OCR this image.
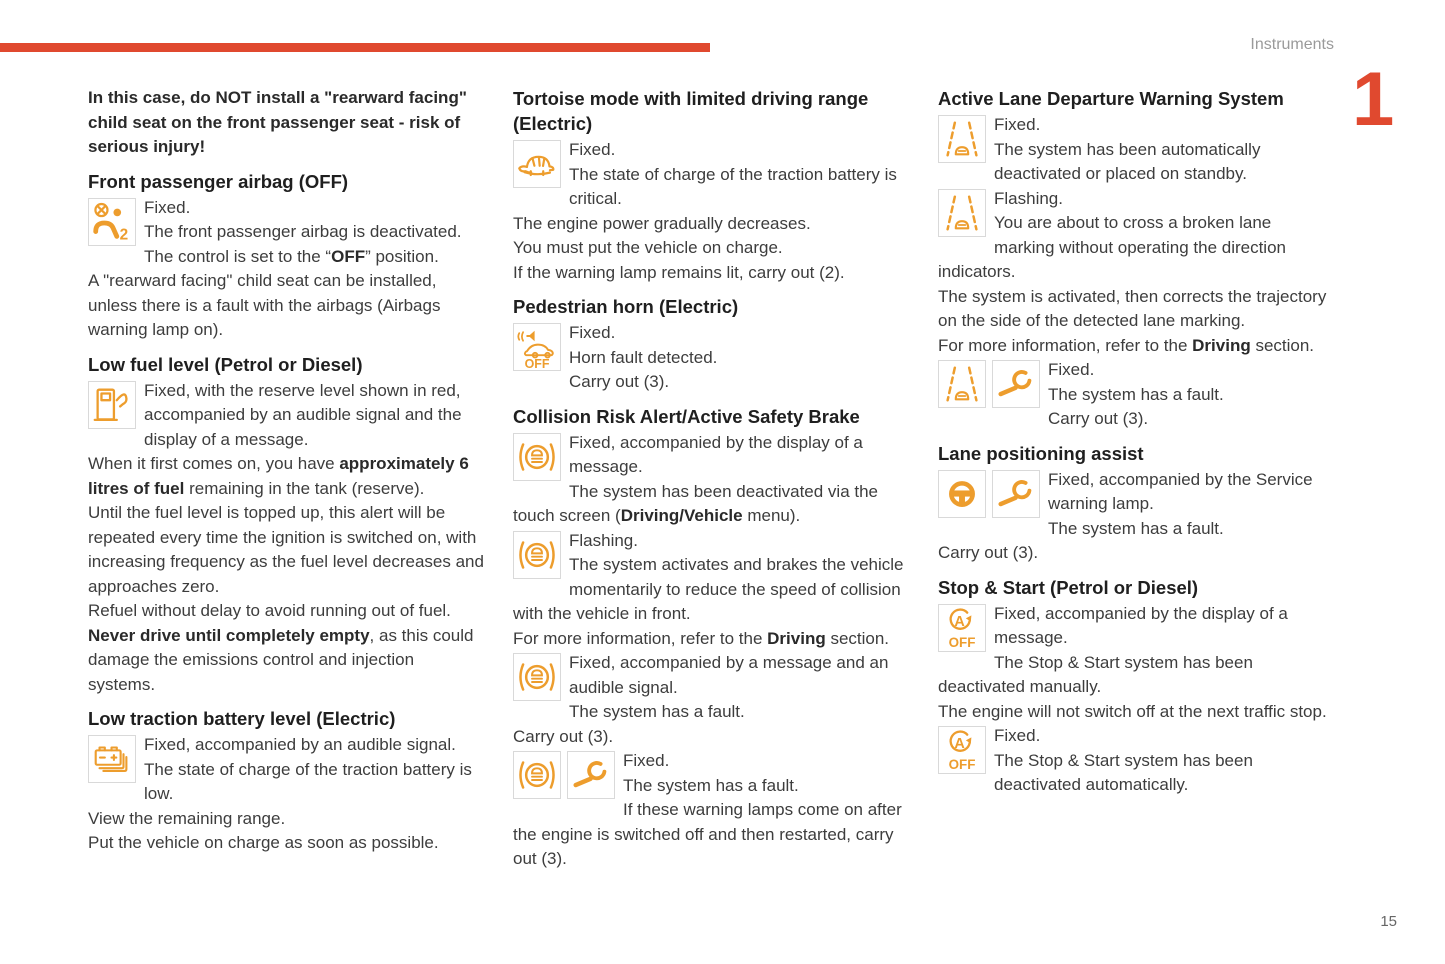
Instruments
1

In this case, do NOT install a "rearward facing" child seat on the front passenger seat - risk of serious injury!

Front passenger airbag (OFF)
2
Fixed.
The front passenger airbag is deactivated.

The control is set to the “OFF” position.

A "rearward facing" child seat can be installed, unless there is a fault with the airbags (Airbags warning lamp on).

Low fuel level (Petrol or Diesel)
Fixed, with the reserve level shown in red, accompanied by an audible signal and the display of a message.

When it first comes on, you have approximately 6 litres of fuel remaining in the tank (reserve).

Until the fuel level is topped up, this alert will be repeated every time the ignition is switched on, with increasing frequency as the fuel level decreases and approaches zero.

Refuel without delay to avoid running out of fuel.

Never drive until completely empty, as this could damage the emissions control and injection systems.

Low traction battery level (Electric)
Fixed, accompanied by an audible signal.
The state of charge of the traction battery is low.

View the remaining range.

Put the vehicle on charge as soon as possible.

Tortoise mode with limited driving range (Electric)
Fixed.
The state of charge of the traction battery is critical.

The engine power gradually decreases.

You must put the vehicle on charge.

If the warning lamp remains lit, carry out (2).

Pedestrian horn (Electric)
OFF
Fixed.
Horn fault detected.

Carry out (3).

Collision Risk Alert/Active Safety Brake
Fixed, accompanied by the display of a message.

The system has been deactivated via the touch screen (Driving/Vehicle menu).

Flashing.
The system activates and brakes the vehicle momentarily to reduce the speed of collision with the vehicle in front.

For more information, refer to the Driving section.

Fixed, accompanied by a message and an audible signal.

The system has a fault.

Carry out (3).

Fixed.
The system has a fault.

If these warning lamps come on after the engine is switched off and then restarted, carry out (3).

Active Lane Departure Warning System
Fixed.
The system has been automatically deactivated or placed on standby.
Flashing.
You are about to cross a broken lane marking without operating the direction indicators.

The system is activated, then corrects the trajectory on the side of the detected lane marking.

For more information, refer to the Driving section.

Fixed.
The system has a fault.

Carry out (3).

Lane positioning assist
Fixed, accompanied by the Service warning lamp.

The system has a fault.

Carry out (3).

Stop & Start (Petrol or Diesel)
A
OFF
Fixed, accompanied by the display of a message.

The Stop & Start system has been deactivated manually.

The engine will not switch off at the next traffic stop.

A
OFF
Fixed.
The Stop & Start system has been deactivated automatically.
15
